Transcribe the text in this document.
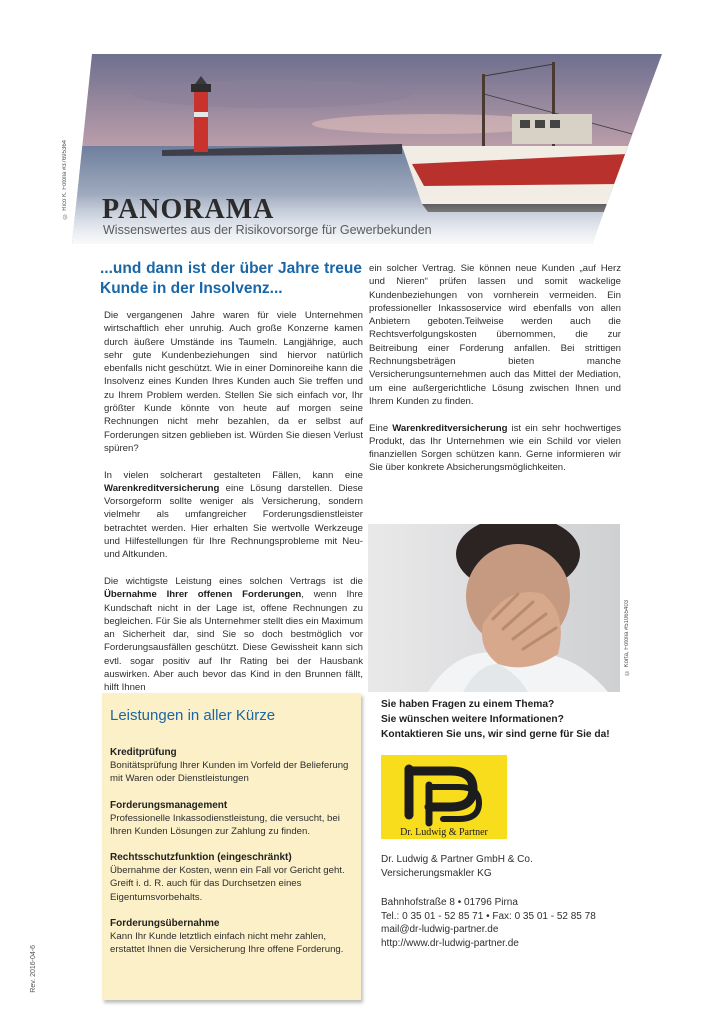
© Rico K. Fotolia #37695364 PANORAMA

Wissenswertes aus der Risikovorsorge für Gewerbekunden

...und dann ist der über Jahre treue Kunde in der Insolvenz...

Die vergangenen Jahre waren für viele Unternehmen wirtschaftlich eher unruhig. Auch große Konzerne kamen durch äußere Umstände ins Taumeln. Langjährige, auch sehr gute Kundenbeziehungen sind hiervor natürlich ebenfalls nicht geschützt. Wie in einer Dominoreihe kann die Insolvenz eines Kunden Ihres Kunden auch Sie treffen und zu Ihrem Problem werden. Stellen Sie sich einfach vor, Ihr größter Kunde könnte von heute auf morgen seine Rechnungen nicht mehr bezahlen, da er selbst auf Forderungen sitzen geblieben ist. Würden Sie diesen Verlust spüren?

In vielen solcherart gestalteten Fällen, kann eine Warenkreditversicherung eine Lösung darstellen. Diese Vorsorgeform sollte weniger als Versicherung, sondern vielmehr als umfangreicher Forderungsdienstleister betrachtet werden. Hier erhalten Sie wertvolle Werkzeuge und Hilfestellungen für Ihre Rechnungsprobleme mit Neu- und Altkunden.

Die wichtigste Leistung eines solchen Vertrags ist die Übernahme Ihrer offenen Forderungen, wenn Ihre Kundschaft nicht in der Lage ist, offene Rechnungen zu begleichen. Für Sie als Unternehmer stellt dies ein Maximum an Sicherheit dar, sind Sie so doch bestmöglich vor Forderungsausfällen geschützt. Diese Gewissheit kann sich evtl. sogar positiv auf Ihr Rating bei der Hausbank auswirken. Aber auch bevor das Kind in den Brunnen fällt, hilft Ihnen

ein solcher Vertrag. Sie können neue Kunden „auf Herz und Nieren“ prüfen lassen und somit wackelige Kundenbeziehungen von vornherein vermeiden. Ein professioneller Inkassoservice wird ebenfalls von allen Anbietern geboten.Teilweise werden auch die Rechtsverfolgungskosten übernommen, die zur Beitreibung einer Forderung anfallen. Bei strittigen Rechnungsbeträgen bieten manche Versicherungsunternehmen auch das Mittel der Mediation, um eine außergerichtliche Lösung zwischen Ihnen und Ihrem Kunden zu finden.

Eine Warenkreditversicherung ist ein sehr hochwertiges Produkt, das Ihr Unternehmen wie ein Schild vor vielen finanziellen Sorgen schützen kann. Gerne informieren wir Sie über konkrete Absicherungsmöglichkeiten.

© Korta, Fotolia #51065403
Leistungen in aller Kürze
Kreditprüfung
Bonitätsprüfung Ihrer Kunden im Vorfeld der Belieferung mit Waren oder Dienstleistungen
Forderungsmanagement
Professionelle Inkassodienstleistung, die versucht, bei Ihren Kunden Lösungen zur Zahlung zu finden.
Rechtsschutzfunktion (eingeschränkt)
Übernahme der Kosten, wenn ein Fall vor Gericht geht. Greift i. d. R. auch für das Durchsetzen eines Eigentumsvorbehalts.
Forderungsübernahme
Kann Ihr Kunde letztlich einfach nicht mehr zahlen, erstattet Ihnen die Versicherung Ihre offene Forderung.
Sie haben Fragen zu einem Thema?
Sie wünschen weitere Informationen?
Kontaktieren Sie uns, wir sind gerne für Sie da!
Dr. Ludwig & Partner
Dr. Ludwig & Partner GmbH & Co.
Versicherungsmakler KG
Bahnhofstraße 8 • 01796 Pirna
Tel.: 0 35 01 - 52 85 71 • Fax: 0 35 01 - 52 85 78
mail@dr-ludwig-partner.de
http://www.dr-ludwig-partner.de
Rev. 2016-04-6
